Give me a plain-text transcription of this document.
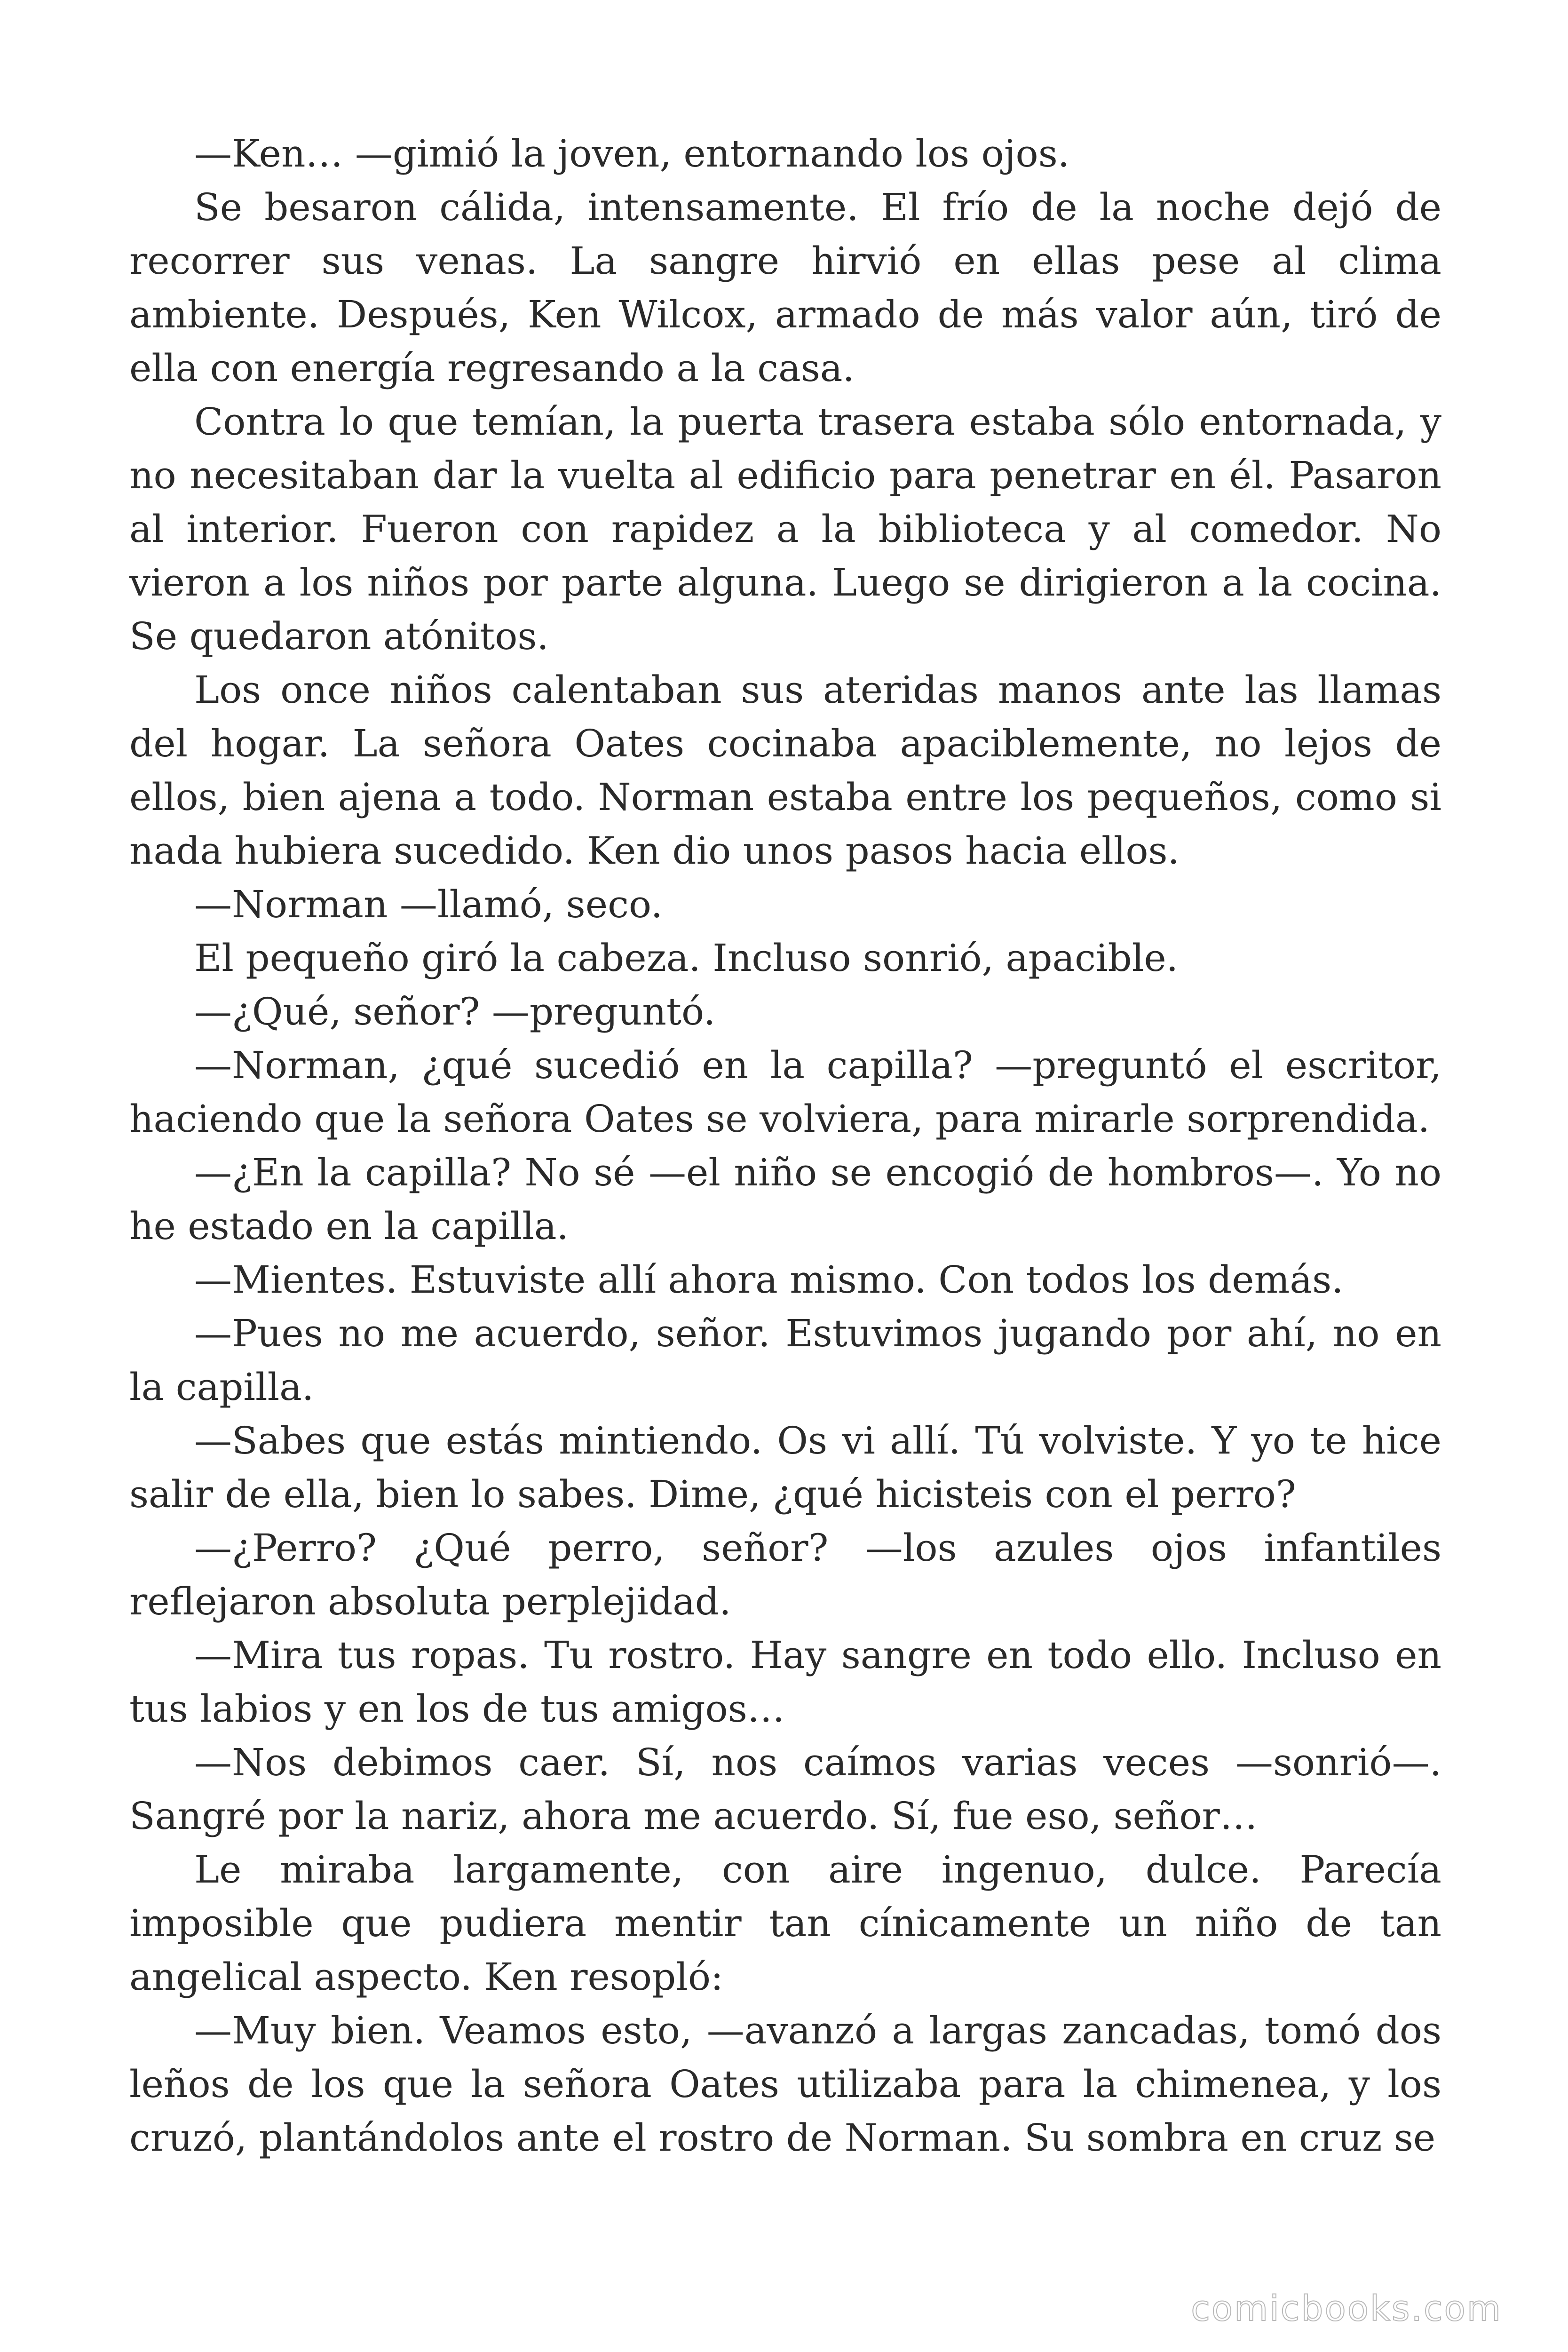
—Ken… —gimió la joven, entornando los ojos.

Se besaron cálida, intensamente. El frío de la noche dejó de recorrer sus venas. La sangre hirvió en ellas pese al clima ambiente. Después, Ken Wilcox, armado de más valor aún, tiró de ella con energía regresando a la casa.

Contra lo que temían, la puerta trasera estaba sólo entornada, y no necesitaban dar la vuelta al edificio para penetrar en él. Pasaron al interior. Fueron con rapidez a la biblioteca y al comedor. No vieron a los niños por parte alguna. Luego se dirigieron a la cocina. Se quedaron atónitos.

Los once niños calentaban sus ateridas manos ante las llamas del hogar. La señora Oates cocinaba apaciblemente, no lejos de ellos, bien ajena a todo. Norman estaba entre los pequeños, como si nada hubiera sucedido. Ken dio unos pasos hacia ellos.

—Norman —llamó, seco.

El pequeño giró la cabeza. Incluso sonrió, apacible.

—¿Qué, señor? —preguntó.

—Norman, ¿qué sucedió en la capilla? —preguntó el escritor, haciendo que la señora Oates se volviera, para mirarle sorprendida.

—¿En la capilla? No sé —el niño se encogió de hombros—. Yo no he estado en la capilla.

—Mientes. Estuviste allí ahora mismo. Con todos los demás.

—Pues no me acuerdo, señor. Estuvimos jugando por ahí, no en la capilla.

—Sabes que estás mintiendo. Os vi allí. Tú volviste. Y yo te hice salir de ella, bien lo sabes. Dime, ¿qué hicisteis con el perro?

—¿Perro? ¿Qué perro, señor? —los azules ojos infantiles reflejaron absoluta perplejidad.

—Mira tus ropas. Tu rostro. Hay sangre en todo ello. Incluso en tus labios y en los de tus amigos…

—Nos debimos caer. Sí, nos caímos varias veces —sonrió—. Sangré por la nariz, ahora me acuerdo. Sí, fue eso, señor…

Le miraba largamente, con aire ingenuo, dulce. Parecía imposible que pudiera mentir tan cínicamente un niño de tan angelical aspecto. Ken resopló:

—Muy bien. Veamos esto, —avanzó a largas zancadas, tomó dos leños de los que la señora Oates utilizaba para la chimenea, y los cruzó, plantándolos ante el rostro de Norman. Su sombra en cruz se

comicbooks.com
